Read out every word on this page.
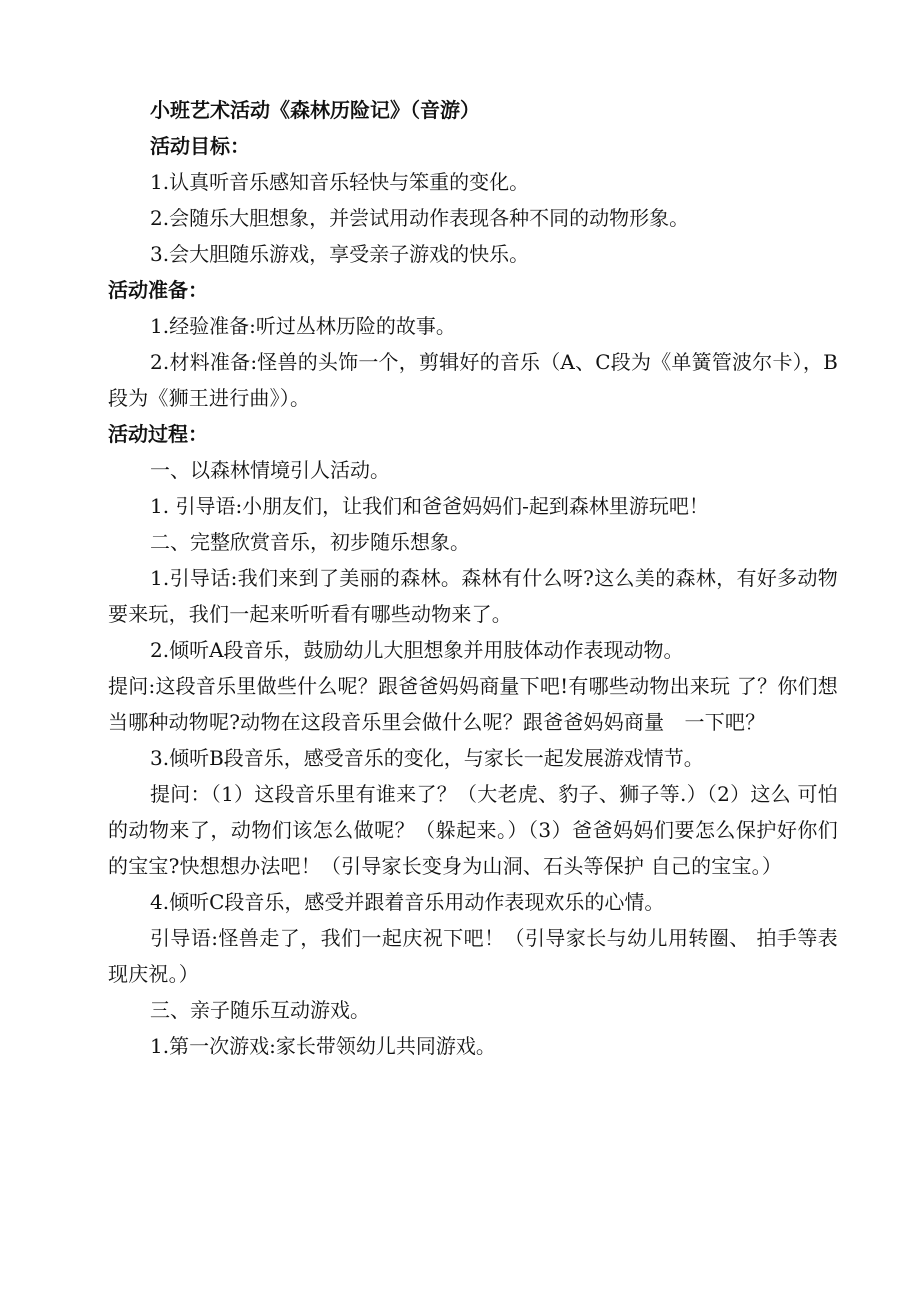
小班艺术活动《森林历险记》（音游）
活动目标：
1.认真听音乐感知音乐轻快与笨重的变化。
2.会随乐大胆想象，并尝试用动作表现各种不同的动物形象。
3.会大胆随乐游戏，享受亲子游戏的快乐。
活动准备：
1.经验准备:听过丛林历险的故事。
2.材料准备:怪兽的头饰一个，剪辑好的音乐（A、C段为《单簧管波尔卡），B段为《狮王进行曲》）。
活动过程：
一、以森林情境引人活动。
1. 引导语:小朋友们，让我们和爸爸妈妈们-起到森林里游玩吧！
二、完整欣赏音乐，初步随乐想象。
1.引导话:我们来到了美丽的森林。森林有什么呀?这么美的森林，有好多动物要来玩，我们一起来听听看有哪些动物来了。
2.倾听A段音乐，鼓励幼儿大胆想象并用肢体动作表现动物。
提问:这段音乐里做些什么呢？跟爸爸妈妈商量下吧!有哪些动物出来玩 了？你们想当哪种动物呢?动物在这段音乐里会做什么呢？跟爸爸妈妈商量　一下吧？
3.倾听B段音乐，感受音乐的变化，与家长一起发展游戏情节。
提问：（1）这段音乐里有谁来了？（大老虎、豹子、狮子等.）（2）这么 可怕的动物来了，动物们该怎么做呢？（躲起来。）（3）爸爸妈妈们要怎么保护好你们的宝宝?快想想办法吧！（引导家长变身为山洞、石头等保护 自己的宝宝。）
4.倾听C段音乐，感受并跟着音乐用动作表现欢乐的心情。
引导语:怪兽走了，我们一起庆祝下吧！（引导家长与幼儿用转圈、 拍手等表现庆祝。）
三、亲子随乐互动游戏。
1.第一次游戏:家长带领幼儿共同游戏。
